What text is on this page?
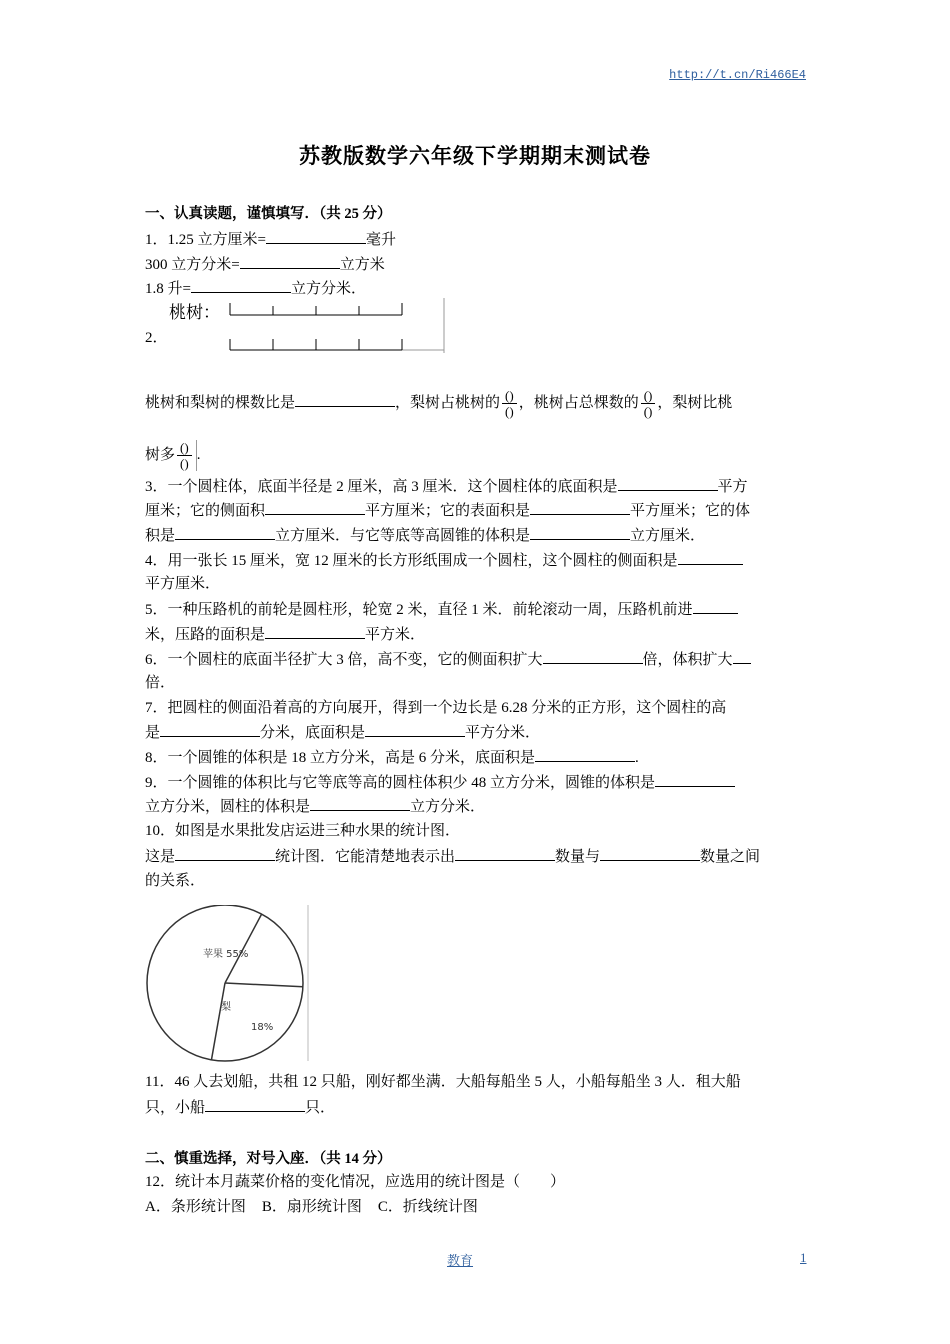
http://t.cn/Ri466E4
苏教版数学六年级下学期期末测试卷
一、认真读题，谨慎填写．（共 25 分）
1．1.25 立方厘米=	毫升
300 立方分米=	立方米
1.8 升=	立方分米．
2．
桃树：
桃树和梨树的棵数比是	，梨树占桃树的 $\frac{()}{()}$ ，桃树占总棵数的 $\frac{()}{()}$ ，梨树比桃
树多 $\frac{()}{()}$ .
3．一个圆柱体，底面半径是 2 厘米，高 3 厘米．这个圆柱体的底面积是	平方
厘米；它的侧面积	平方厘米；它的表面积是	平方厘米；它的体
积是	立方厘米．与它等底等高圆锥的体积是	立方厘米．
4．用一张长 15 厘米，宽 12 厘米的长方形纸围成一个圆柱，这个圆柱的侧面积是
平方厘米．
5．一种压路机的前轮是圆柱形，轮宽 2 米，直径 1 米．前轮滚动一周，压路机前进
米，压路的面积是	平方米．
6．一个圆柱的底面半径扩大 3 倍，高不变，它的侧面积扩大	倍，体积扩大
倍．
7．把圆柱的侧面沿着高的方向展开，得到一个边长是 6.28 分米的正方形，这个圆柱的高
是	分米，底面积是	平方分米．
8．一个圆锥的体积是 18 立方分米，高是 6 分米，底面积是	.
9．一个圆锥的体积比与它等底等高的圆柱体积少 48 立方分米，圆锥的体积是
立方分米，圆柱的体积是	立方分米．
10．如图是水果批发店运进三种水果的统计图．
这是	统计图．它能清楚地表示出	数量与	数量之间
的关系．
苹果 55%
梨
18%
11．46 人去划船，共租 12 只船，刚好都坐满．大船每船坐 5 人，小船每船坐 3 人．租大船
只，小船	只．
二、慎重选择，对号入座．（共 14 分）
12．统计本月蔬菜价格的变化情况，应选用的统计图是（　　）
A．条形统计图 B．扇形统计图 C．折线统计图
教育	1
